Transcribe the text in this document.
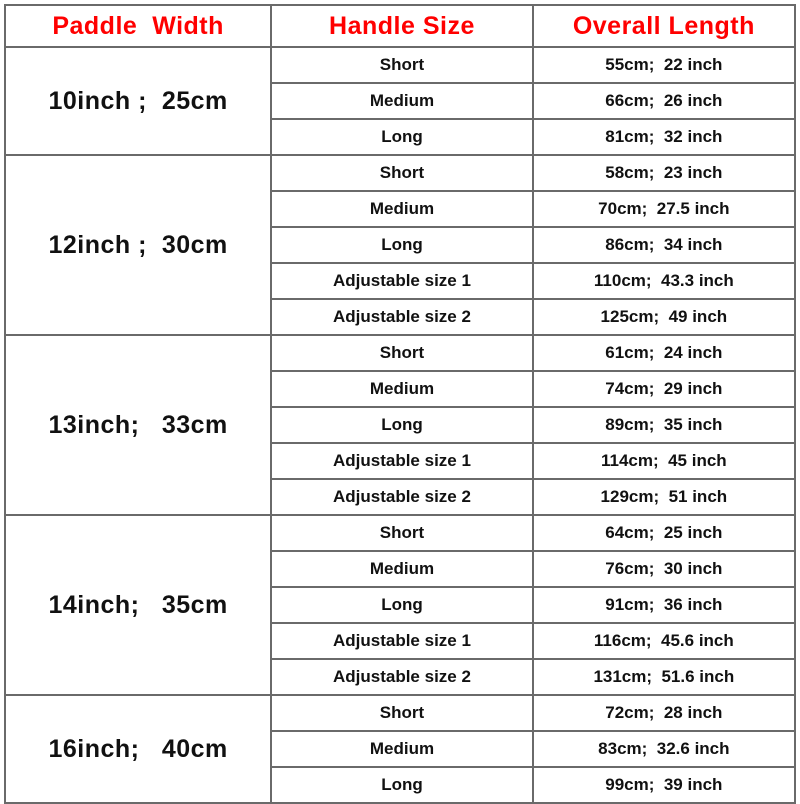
Paddle  Width	Handle Size	Overall Length
10inch ;  25cm	Short	55cm;  22 inch
	Medium	66cm;  26 inch
	Long	81cm;  32 inch
12inch ;  30cm	Short	58cm;  23 inch
	Medium	70cm;  27.5 inch
	Long	86cm;  34 inch
	Adjustable size 1	110cm;  43.3 inch
	Adjustable size 2	125cm;  49 inch
13inch;   33cm	Short	61cm;  24 inch
	Medium	74cm;  29 inch
	Long	89cm;  35 inch
	Adjustable size 1	114cm;  45 inch
	Adjustable size 2	129cm;  51 inch
14inch;   35cm	Short	64cm;  25 inch
	Medium	76cm;  30 inch
	Long	91cm;  36 inch
	Adjustable size 1	116cm;  45.6 inch
	Adjustable size 2	131cm;  51.6 inch
16inch;   40cm	Short	72cm;  28 inch
	Medium	83cm;  32.6 inch
	Long	99cm;  39 inch
